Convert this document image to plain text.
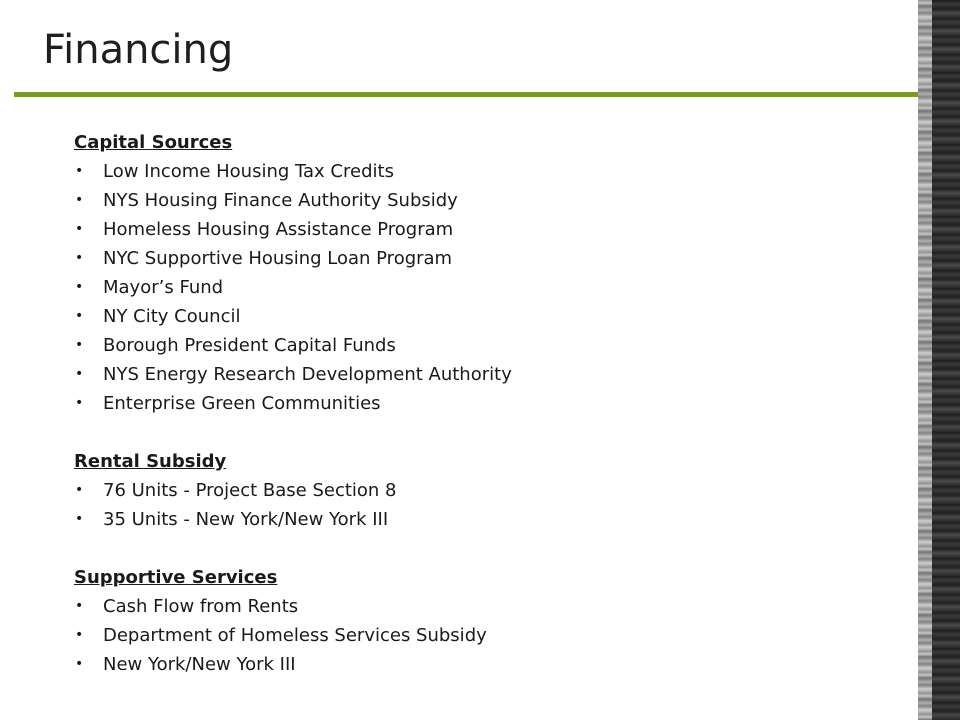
Financing
Capital Sources
• Low Income Housing Tax Credits
• NYS Housing Finance Authority Subsidy
• Homeless Housing Assistance Program
• NYC Supportive Housing Loan Program
• Mayor’s Fund
• NY City Council
• Borough President Capital Funds
• NYS Energy Research Development Authority
• Enterprise Green Communities
Rental Subsidy
• 76 Units - Project Base Section 8
• 35 Units - New York/New York III
Supportive Services
• Cash Flow from Rents
• Department of Homeless Services Subsidy
• New York/New York III
